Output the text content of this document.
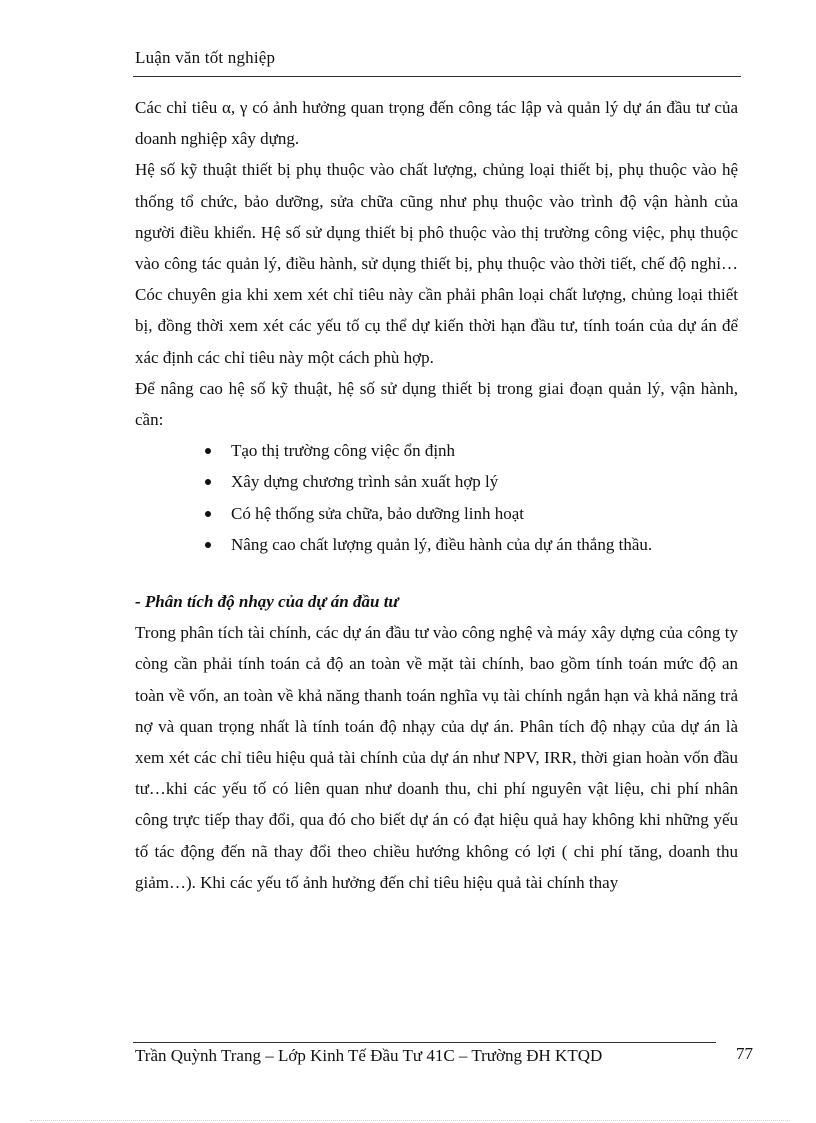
Luận văn tốt nghiệp

Các chỉ tiêu α, γ có ảnh hưởng quan trọng đến công tác lập và quản lý dự án đầu tư của doanh nghiệp xây dựng.

Hệ số kỹ thuật thiết bị phụ thuộc vào chất lượng, chủng loại thiết bị, phụ thuộc vào hệ thống tổ chức, bảo dưỡng, sửa chữa cũng như phụ thuộc vào trình độ vận hành của người điều khiển. Hệ số sử dụng thiết bị phô thuộc vào thị trường công việc, phụ thuộc vào công tác quản lý, điều hành, sử dụng thiết bị, phụ thuộc vào thời tiết, chế độ nghỉ…Cóc chuyên gia khi xem xét chỉ tiêu này cần phải phân loại chất lượng, chủng loại thiết bị, đồng thời xem xét các yếu tố cụ thể dự kiến thời hạn đầu tư, tính toán của dự án để xác định các chỉ tiêu này một cách phù hợp.

Để nâng cao hệ số kỹ thuật, hệ số sử dụng thiết bị trong giai đoạn quản lý, vận hành, cần:

Tạo thị trường công việc ổn định
Xây dựng chương trình sản xuất hợp lý
Có hệ thống sửa chữa, bảo dưỡng linh hoạt
Nâng cao chất lượng quản lý, điều hành của dự án thắng thầu.

- Phân tích độ nhạy của dự án đầu tư

Trong phân tích tài chính, các dự án đầu tư vào công nghệ và máy xây dựng của công ty còng cần phải tính toán cả độ an toàn về mặt tài chính, bao gồm tính toán mức độ an toàn về vốn, an toàn về khả năng thanh toán nghĩa vụ tài chính ngắn hạn và khả năng trả nợ và quan trọng nhất là tính toán độ nhạy của dự án. Phân tích độ nhạy của dự án là xem xét các chỉ tiêu hiệu quả tài chính của dự án như NPV, IRR, thời gian hoàn vốn đầu tư…khi các yếu tố có liên quan như doanh thu, chi phí nguyên vật liệu, chi phí nhân công trực tiếp thay đổi, qua đó cho biết dự án có đạt hiệu quả hay không khi những yếu tố tác động đến nã thay đổi theo chiều hướng không có lợi ( chi phí tăng, doanh thu giảm…). Khi các yếu tố ảnh hưởng đến chỉ tiêu hiệu quả tài chính thay

Trần Quỳnh Trang – Lớp Kinh Tế Đầu Tư 41C – Trường ĐH KTQD	77
